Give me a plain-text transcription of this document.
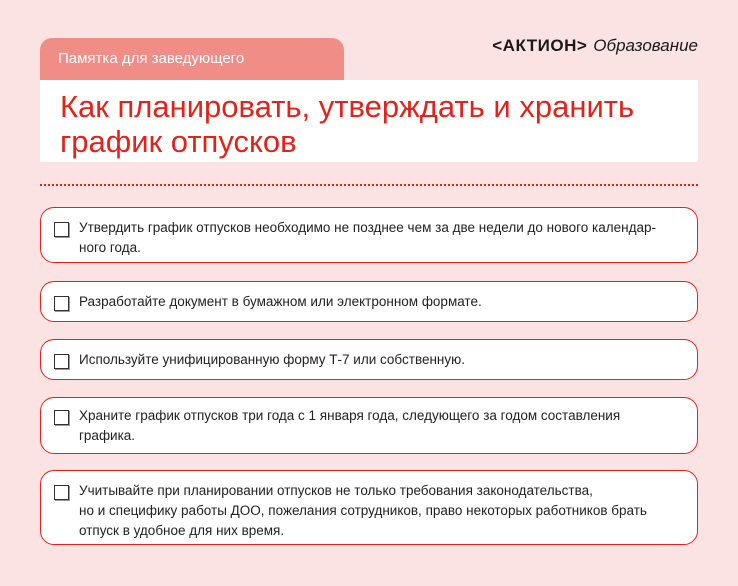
Памятка для заведующего
<АКТИОН> Образование
Как планировать, утверждать и хранить
график отпусков
Утвердить график отпусков необходимо не позднее чем за две недели до нового календар-
ного года.
Разработайте документ в бумажном или электронном формате.
Используйте унифицированную форму Т-7 или собственную.
Храните график отпусков три года с 1 января года, следующего за годом составления
графика.
Учитывайте при планировании отпусков не только требования законодательства,
но и специфику работы ДОО, пожелания сотрудников, право некоторых работников брать
отпуск в удобное для них время.
